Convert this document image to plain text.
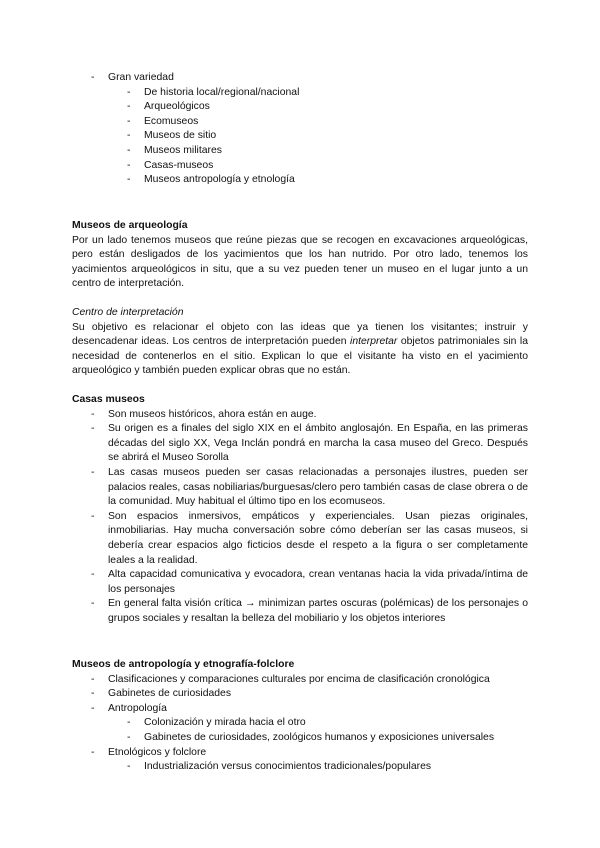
- Gran variedad
- De historia local/regional/nacional
- Arqueológicos
- Ecomuseos
- Museos de sitio
- Museos militares
- Casas-museos
- Museos antropología y etnología
Museos de arqueología
Por un lado tenemos museos que reúne piezas que se recogen en excavaciones arqueológicas, pero están desligados de los yacimientos que los han nutrido. Por otro lado, tenemos los yacimientos arqueológicos in situ, que a su vez pueden tener un museo en el lugar junto a un centro de interpretación.
Centro de interpretación
Su objetivo es relacionar el objeto con las ideas que ya tienen los visitantes; instruir y desencadenar ideas. Los centros de interpretación pueden interpretar objetos patrimoniales sin la necesidad de contenerlos en el sitio. Explican lo que el visitante ha visto en el yacimiento arqueológico y también pueden explicar obras que no están.
Casas museos
- Son museos históricos, ahora están en auge.
- Su origen es a finales del siglo XIX en el ámbito anglosajón. En España, en las primeras décadas del siglo XX, Vega Inclán pondrá en marcha la casa museo del Greco. Después se abrirá el Museo Sorolla
- Las casas museos pueden ser casas relacionadas a personajes ilustres, pueden ser palacios reales, casas nobiliarias/burguesas/clero pero también casas de clase obrera o de la comunidad. Muy habitual el último tipo en los ecomuseos.
- Son espacios inmersivos, empáticos y experienciales. Usan piezas originales, inmobiliarias. Hay mucha conversación sobre cómo deberían ser las casas museos, si debería crear espacios algo ficticios desde el respeto a la figura o ser completamente leales a la realidad.
- Alta capacidad comunicativa y evocadora, crean ventanas hacia la vida privada/íntima de los personajes
- En general falta visión crítica → minimizan partes oscuras (polémicas) de los personajes o grupos sociales y resaltan la belleza del mobiliario y los objetos interiores
Museos de antropología y etnografía-folclore
- Clasificaciones y comparaciones culturales por encima de clasificación cronológica
- Gabinetes de curiosidades
- Antropología
- Colonización y mirada hacia el otro
- Gabinetes de curiosidades, zoológicos humanos y exposiciones universales
- Etnológicos y folclore
- Industrialización versus conocimientos tradicionales/populares
